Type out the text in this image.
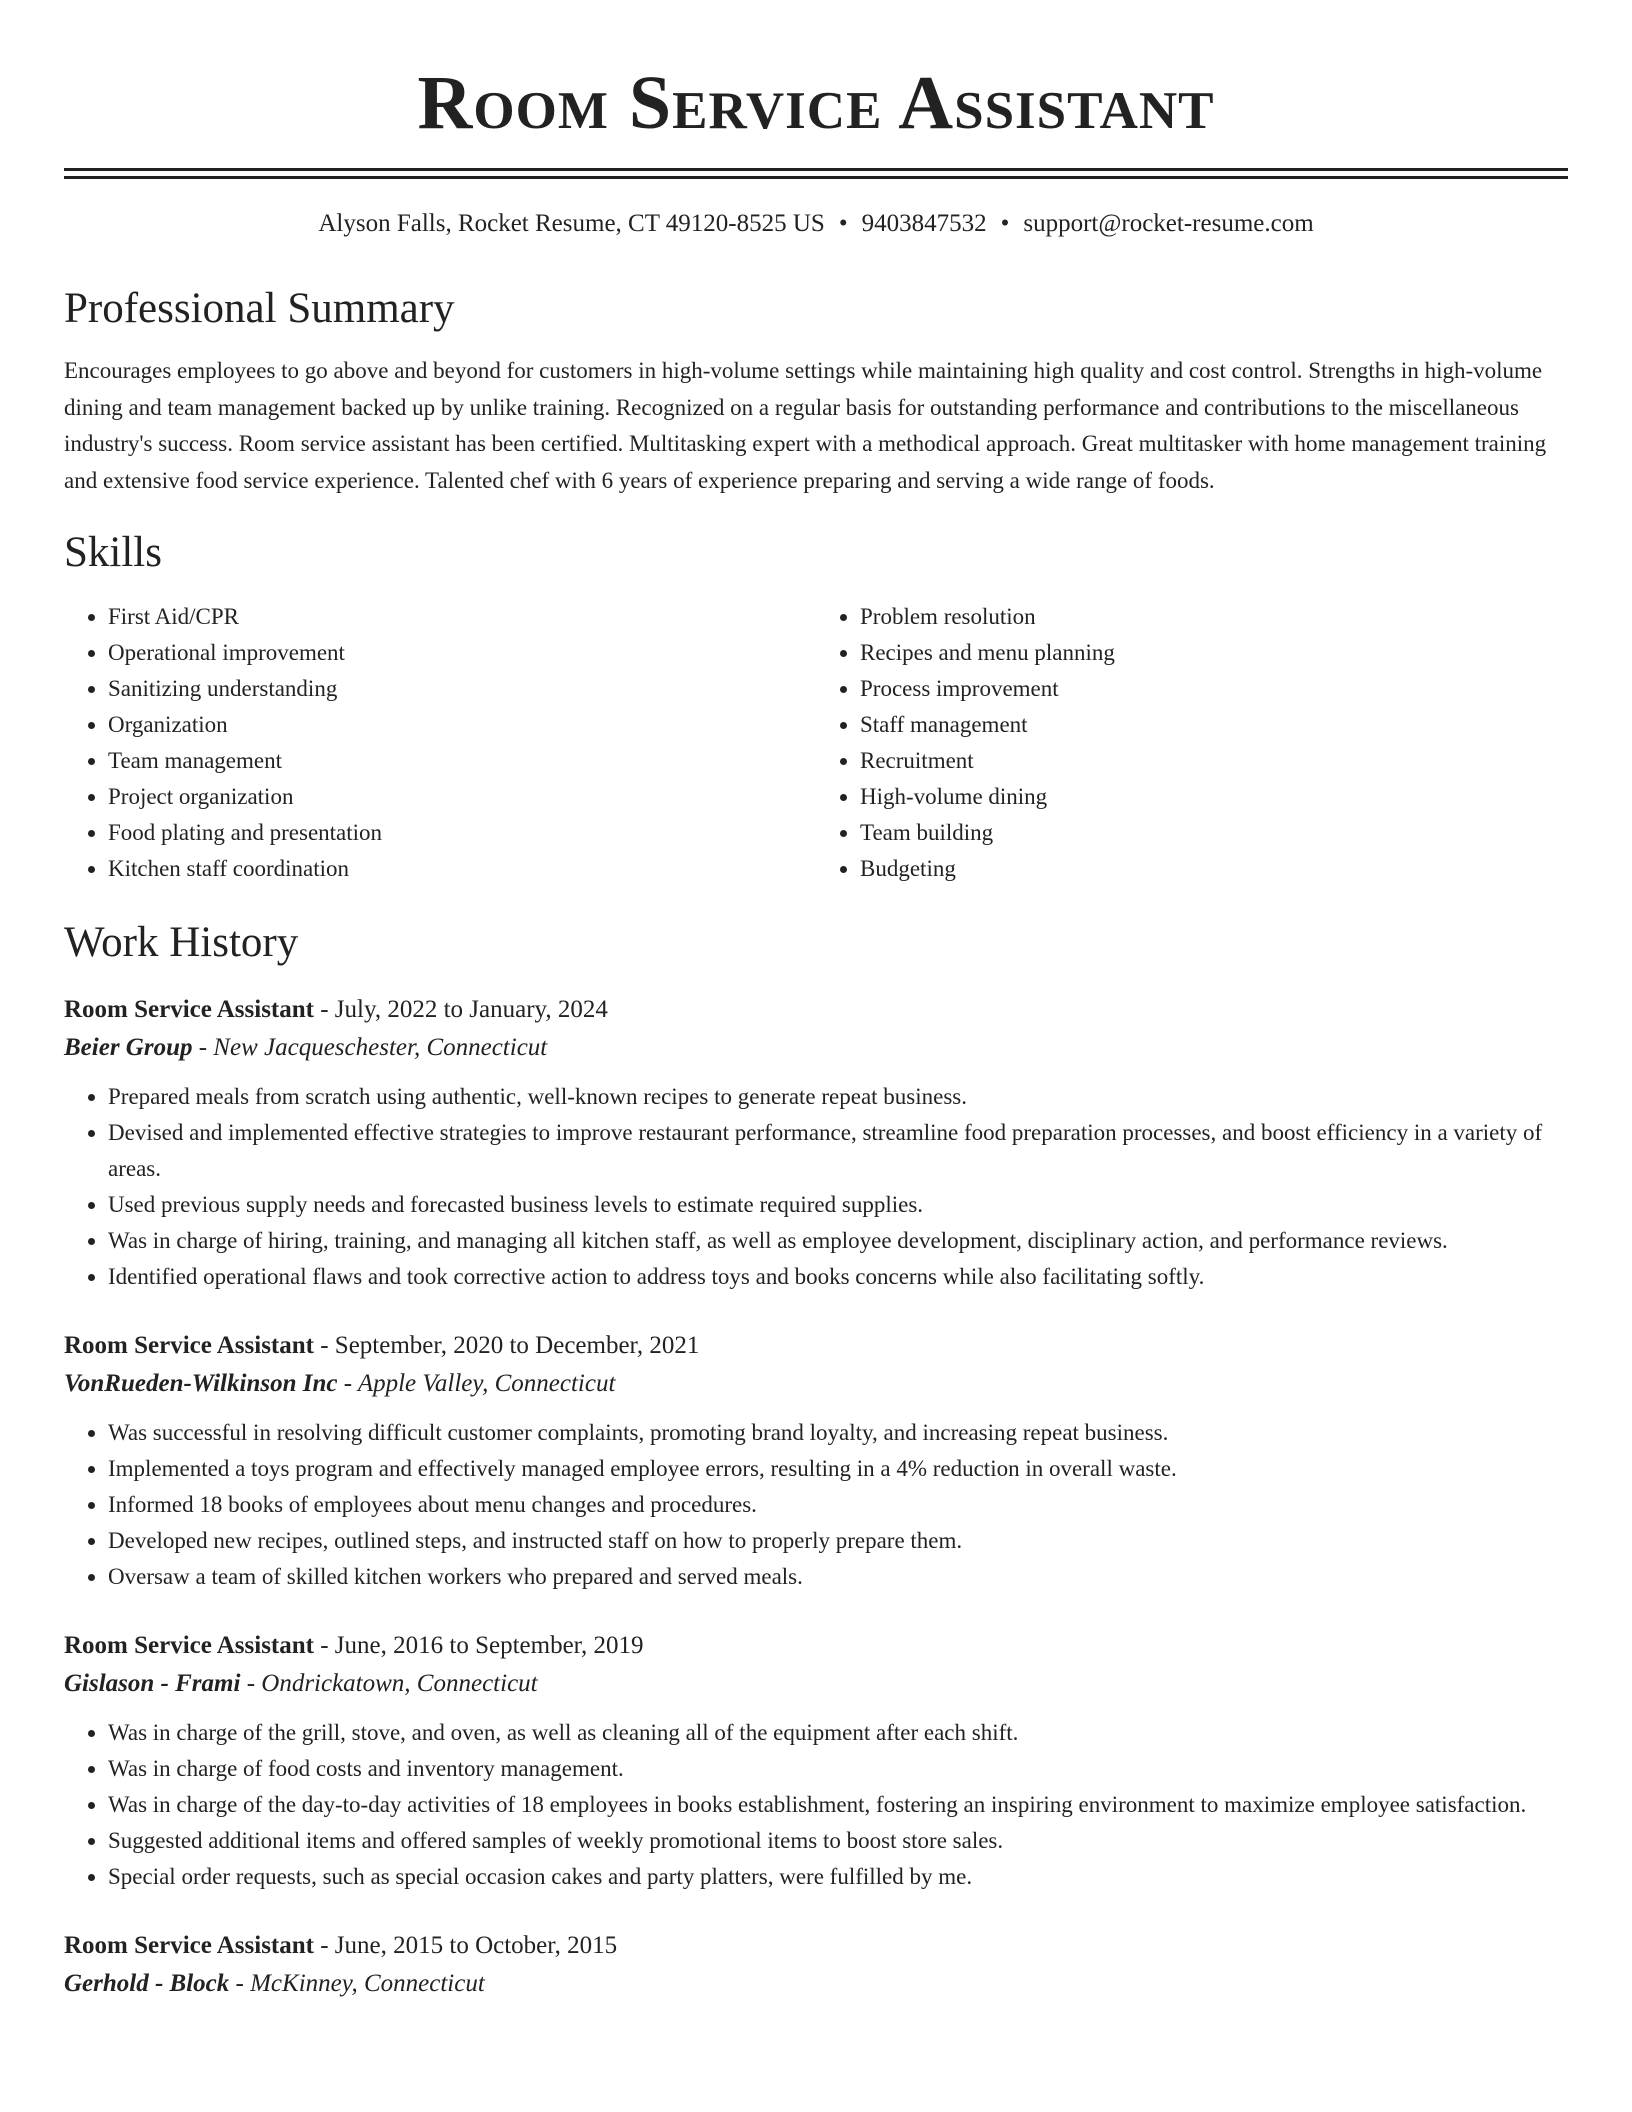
Room Service Assistant
Alyson Falls, Rocket Resume, CT 49120-8525 US • 9403847532 • support@rocket-resume.com
Professional Summary

Encourages employees to go above and beyond for customers in high-volume settings while maintaining high quality and cost control. Strengths in high-volume dining and team management backed up by unlike training. Recognized on a regular basis for outstanding performance and contributions to the miscellaneous industry's success. Room service assistant has been certified. Multitasking expert with a methodical approach. Great multitasker with home management training and extensive food service experience. Talented chef with 6 years of experience preparing and serving a wide range of foods.

Skills
• First Aid/CPR
• Operational improvement
• Sanitizing understanding
• Organization
• Team management
• Project organization
• Food plating and presentation
• Kitchen staff coordination
• Problem resolution
• Recipes and menu planning
• Process improvement
• Staff management
• Recruitment
• High-volume dining
• Team building
• Budgeting
Work History
Room Service Assistant - July, 2022 to January, 2024
Beier Group - New Jacqueschester, Connecticut
• Prepared meals from scratch using authentic, well-known recipes to generate repeat business.
• Devised and implemented effective strategies to improve restaurant performance, streamline food preparation processes, and boost efficiency in a variety of areas.
• Used previous supply needs and forecasted business levels to estimate required supplies.
• Was in charge of hiring, training, and managing all kitchen staff, as well as employee development, disciplinary action, and performance reviews.
• Identified operational flaws and took corrective action to address toys and books concerns while also facilitating softly.
Room Service Assistant - September, 2020 to December, 2021
VonRueden-Wilkinson Inc - Apple Valley, Connecticut
• Was successful in resolving difficult customer complaints, promoting brand loyalty, and increasing repeat business.
• Implemented a toys program and effectively managed employee errors, resulting in a 4% reduction in overall waste.
• Informed 18 books of employees about menu changes and procedures.
• Developed new recipes, outlined steps, and instructed staff on how to properly prepare them.
• Oversaw a team of skilled kitchen workers who prepared and served meals.
Room Service Assistant - June, 2016 to September, 2019
Gislason - Frami - Ondrickatown, Connecticut
• Was in charge of the grill, stove, and oven, as well as cleaning all of the equipment after each shift.
• Was in charge of food costs and inventory management.
• Was in charge of the day-to-day activities of 18 employees in books establishment, fostering an inspiring environment to maximize employee satisfaction.
• Suggested additional items and offered samples of weekly promotional items to boost store sales.
• Special order requests, such as special occasion cakes and party platters, were fulfilled by me.
Room Service Assistant - June, 2015 to October, 2015
Gerhold - Block - McKinney, Connecticut
